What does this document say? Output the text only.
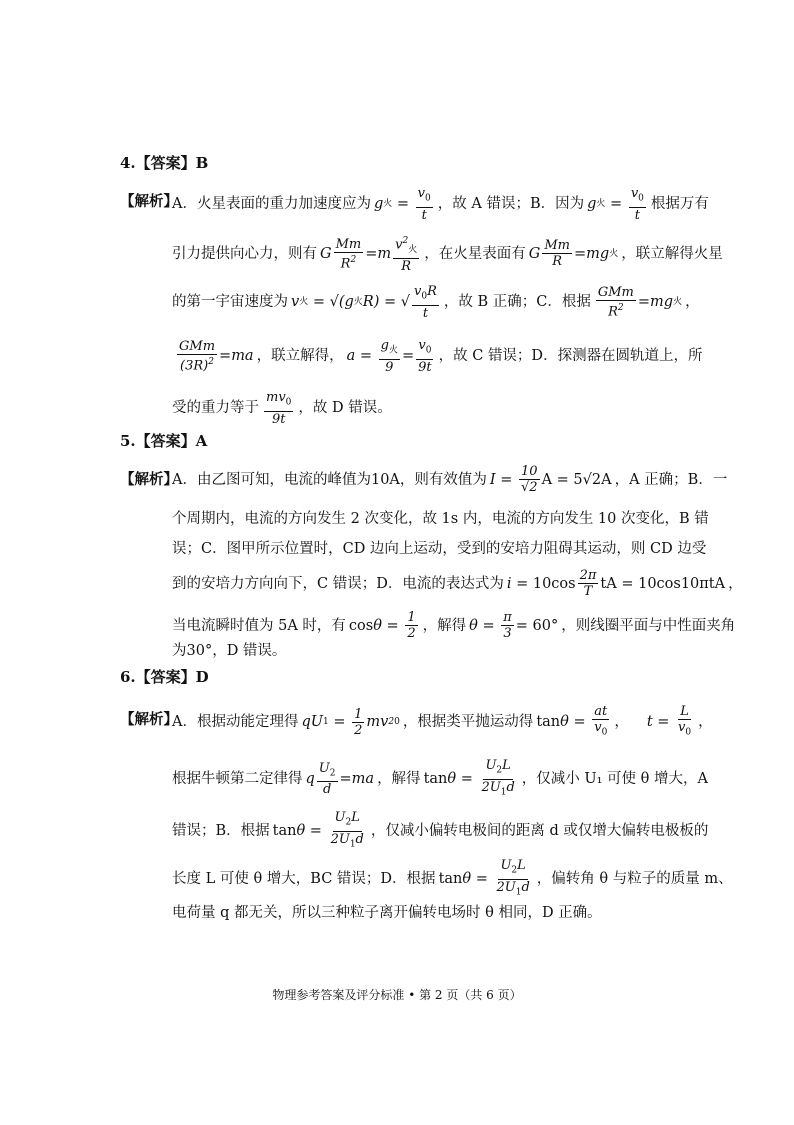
4.【答案】B
【解析】
A．火星表面的重力加速度应为 g 火 = $\frac{v_0}{t}$ ，故 A 错误；B．因为 g 火 = $\frac{v_0}{t}$ 根据万有
引力提供向心力，则有 G $\frac{Mm}{R^2} = m \frac{v^2_火}{R}$ ，在火星表面有 G $\frac{Mm}{R}$ = mg 火 ，联立解得火星
的第一宇宙速度为 v 火 = √( g 火 R ) = √ $\frac{v_0R}{t}$ ，故 B 正确；C．根据 $\frac{\text{GMm}}{R^2}$ = mg 火 ，
$\frac{\text{GMm}}{(3R)^2}$ = ma ，联立解得， $a = \frac{g_火}{9} = \frac{v_0}{9t}$ ，故 C 错误；D．探测器在圆轨道上，所
受的重力等于 $\frac{mv_0}{9t}$ ，故 D 错误。
5.【答案】A
【解析】
A．由乙图可知，电流的峰值为10A，则有效值为 $I = \frac{10}{√2}$ A = 5√2A ，A 正确；B．一
个周期内，电流的方向发生 2 次变化，故 1s 内，电流的方向发生 10 次变化，B 错
误；C．图甲所示位置时，CD 边向上运动，受到的安培力阻碍其运动，则 CD 边受
到的安培力方向向下，C 错误；D．电流的表达式为 $i = 10\cos \frac{2\pi}{T}$ tA = 10cos10πtA ，
当电流瞬时值为 5A 时，有 $\cos \theta = \frac{1}{2}$ ，解得 $\theta = \frac{\pi}{3} = 60^\circ$ ，则线圈平面与中性面夹角
为30°，D 错误。
6.【答案】D
【解析】
A．根据动能定理得 qU $1 = \frac{1}{2}$ mv 2 0 ，根据类平抛运动得 $\tan \theta = \frac{at}{v_0}$ ， $t = \frac{L}{v_0}$ ，
根据牛顿第二定律得 q $\frac{U_2}{d}$ = ma ，解得 $\tan \theta = \frac{U_2L}{2U_1d}$ ，仅减小 U₁ 可使 θ 增大，A
错误；B．根据 $\tan \theta = \frac{U_2L}{2U_1d}$ ，仅减小偏转电极间的距离 d 或仅增大偏转电极板的
长度 L 可使 θ 增大，BC 错误；D．根据 $\tan \theta = \frac{U_2L}{2U_1d}$ ，偏转角 θ 与粒子的质量 m、
电荷量 q 都无关，所以三种粒子离开偏转电场时 θ 相同，D 正确。
物理参考答案及评分标准 • 第 2 页（共 6 页）
